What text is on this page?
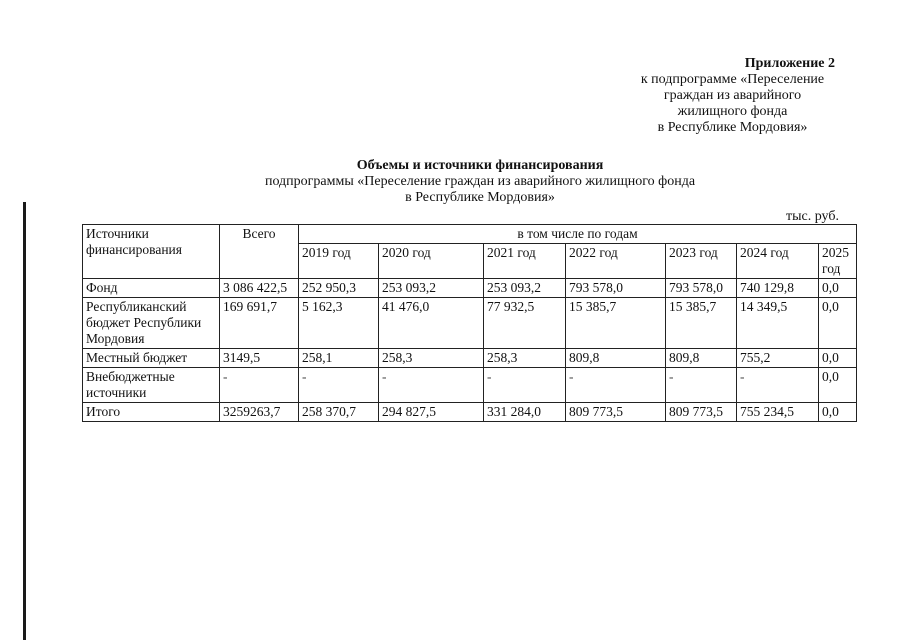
Приложение 2
к подпрограмме «Переселение
граждан из аварийного
жилищного фонда
в Республике Мордовия»
Объемы и источники финансирования
подпрограммы «Переселение граждан из аварийного жилищного фонда
в Республике Мордовия»
тыс. руб.
Источники финансирования	Всего	в том числе по годам						
		2019 год	2020 год	2021 год	2022 год	2023 год	2024 год	2025 год
Фонд	3 086 422,5	252 950,3	253 093,2	253 093,2	793 578,0	793 578,0	740 129,8	0,0
Республиканский бюджет Республики Мордовия	169 691,7	5 162,3	41 476,0	77 932,5	15 385,7	15 385,7	14 349,5	0,0
Местный бюджет	3149,5	258,1	258,3	258,3	809,8	809,8	755,2	0,0
Внебюджетные источники	-	-	-	-	-	-	-	0,0
Итого	3259263,7	258 370,7	294 827,5	331 284,0	809 773,5	809 773,5	755 234,5	0,0
